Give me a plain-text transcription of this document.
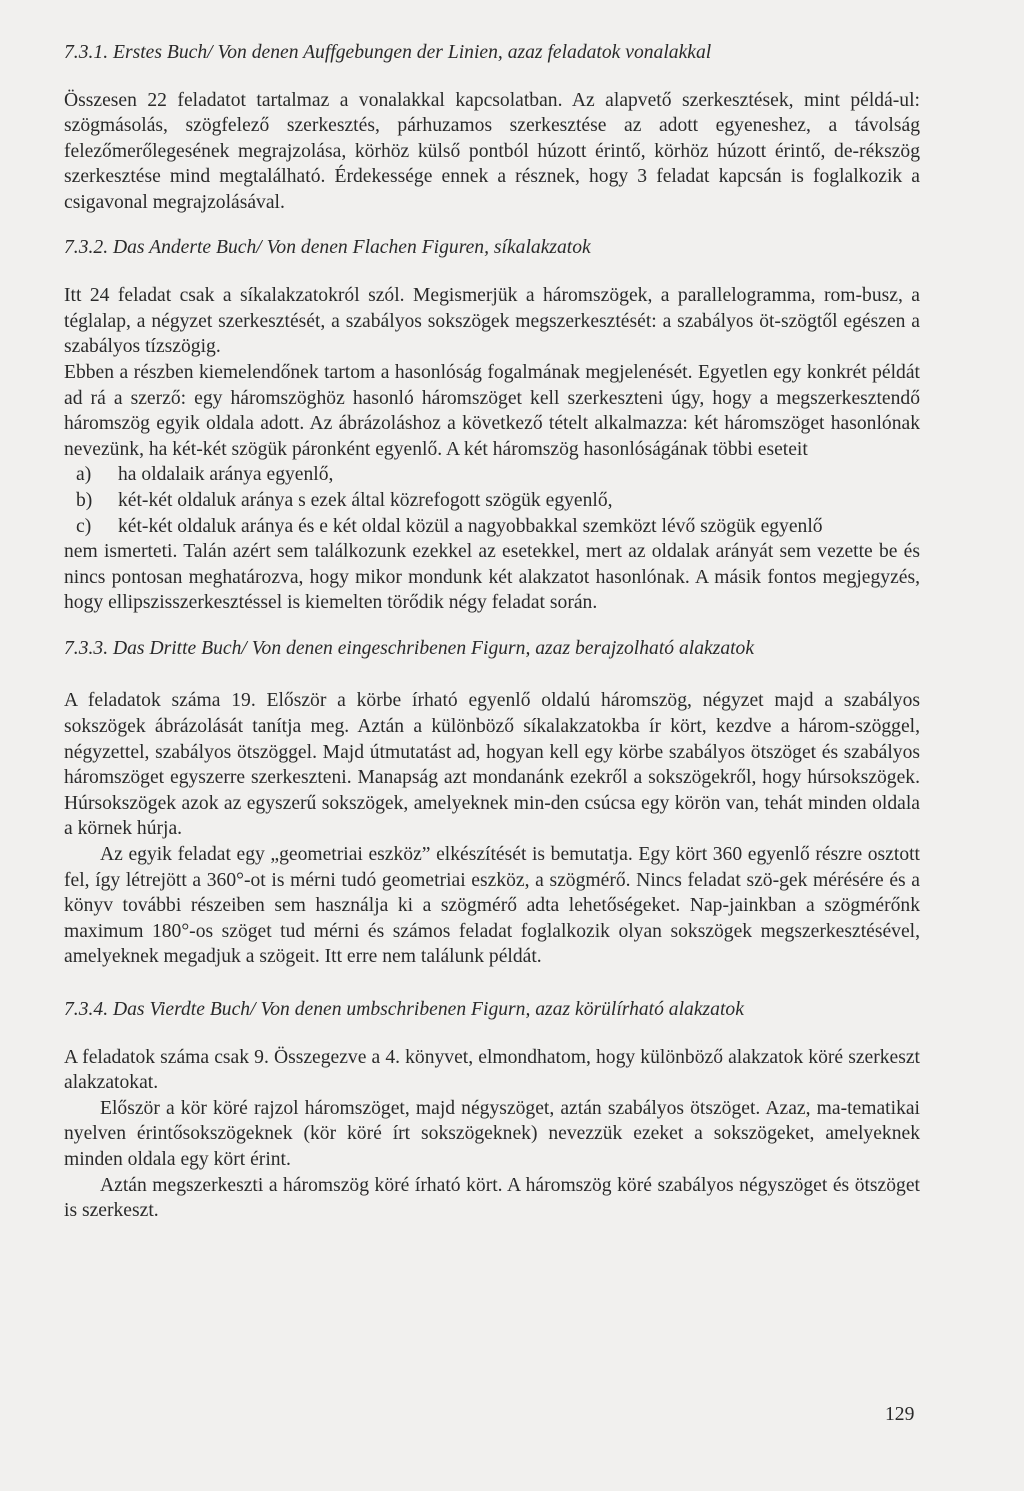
7.3.1. Erstes Buch/ Von denen Auffgebungen der Linien, azaz feladatok vonalakkal

Összesen 22 feladatot tartalmaz a vonalakkal kapcsolatban. Az alapvető szerkesztések, mint példá-ul: szögmásolás, szögfelező szerkesztés, párhuzamos szerkesztése az adott egyeneshez, a távolság felezőmerőlegesének megrajzolása, körhöz külső pontból húzott érintő, körhöz húzott érintő, de-rékszög szerkesztése mind megtalálható. Érdekessége ennek a résznek, hogy 3 feladat kapcsán is foglalkozik a csigavonal megrajzolásával.

7.3.2. Das Anderte Buch/ Von denen Flachen Figuren, síkalakzatok

Itt 24 feladat csak a síkalakzatokról szól. Megismerjük a háromszögek, a parallelogramma, rom-busz, a téglalap, a négyzet szerkesztését, a szabályos sokszögek megszerkesztését: a szabályos öt-szögtől egészen a szabályos tízszögig.

Ebben a részben kiemelendőnek tartom a hasonlóság fogalmának megjelenését. Egyetlen egy konkrét példát ad rá a szerző: egy háromszöghöz hasonló háromszöget kell szerkeszteni úgy, hogy a megszerkesztendő háromszög egyik oldala adott. Az ábrázoláshoz a következő tételt alkalmazza: két háromszöget hasonlónak nevezünk, ha két-két szögük páronként egyenlő. A két háromszög hasonlóságának többi eseteit

a) ha oldalaik aránya egyenlő,
b) két-két oldaluk aránya s ezek által közrefogott szögük egyenlő,
c) két-két oldaluk aránya és e két oldal közül a nagyobbakkal szemközt lévő szögük egyenlő

nem ismerteti. Talán azért sem találkozunk ezekkel az esetekkel, mert az oldalak arányát sem vezette be és nincs pontosan meghatározva, hogy mikor mondunk két alakzatot hasonlónak. A másik fontos megjegyzés, hogy ellipszisszerkesztéssel is kiemelten törődik négy feladat során.

7.3.3. Das Dritte Buch/ Von denen eingeschribenen Figurn, azaz berajzolható alakzatok

A feladatok száma 19. Először a körbe írható egyenlő oldalú háromszög, négyzet majd a szabályos sokszögek ábrázolását tanítja meg. Aztán a különböző síkalakzatokba ír kört, kezdve a három-szöggel, négyzettel, szabályos ötszöggel. Majd útmutatást ad, hogyan kell egy körbe szabályos ötszöget és szabályos háromszöget egyszerre szerkeszteni. Manapság azt mondanánk ezekről a sokszögekről, hogy húrsokszögek. Húrsokszögek azok az egyszerű sokszögek, amelyeknek min-den csúcsa egy körön van, tehát minden oldala a körnek húrja.

Az egyik feladat egy „geometriai eszköz” elkészítését is bemutatja. Egy kört 360 egyenlő részre osztott fel, így létrejött a 360°-ot is mérni tudó geometriai eszköz, a szögmérő. Nincs feladat szö-gek mérésére és a könyv további részeiben sem használja ki a szögmérő adta lehetőségeket. Nap-jainkban a szögmérőnk maximum 180°-os szöget tud mérni és számos feladat foglalkozik olyan sokszögek megszerkesztésével, amelyeknek megadjuk a szögeit. Itt erre nem találunk példát.

7.3.4. Das Vierdte Buch/ Von denen umbschribenen Figurn, azaz körülírható alakzatok

A feladatok száma csak 9. Összegezve a 4. könyvet, elmondhatom, hogy különböző alakzatok köré szerkeszt alakzatokat.

Először a kör köré rajzol háromszöget, majd négyszöget, aztán szabályos ötszöget. Azaz, ma-tematikai nyelven érintősokszögeknek (kör köré írt sokszögeknek) nevezzük ezeket a sokszögeket, amelyeknek minden oldala egy kört érint.

Aztán megszerkeszti a háromszög köré írható kört. A háromszög köré szabályos négyszöget és ötszöget is szerkeszt.

129
